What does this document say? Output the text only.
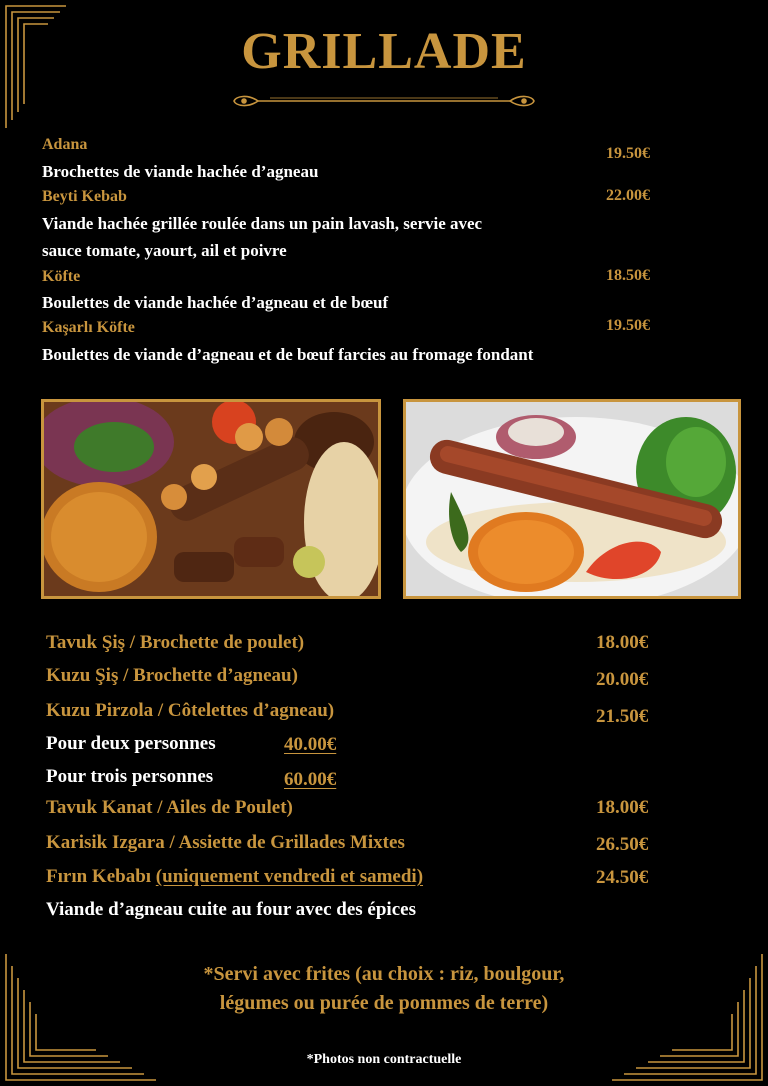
GRILLADE
Adana
Brochettes de viande hachée d’agneau
19.50€
Beyti Kebab
Viande hachée grillée roulée dans un pain lavash, servie avec
sauce tomate, yaourt, ail et poivre
22.00€
Köfte
Boulettes de viande hachée d’agneau et de bœuf
18.50€
Kaşarlı Köfte
Boulettes de viande d’agneau et de bœuf farcies au fromage fondant
19.50€
Tavuk Şiş / Brochette de poulet)	18.00€
Kuzu Şiş / Brochette d’agneau)	20.00€
Kuzu Pirzola / Côtelettes d’agneau)	21.50€
Pour deux personnes	40.00€
Pour trois personnes	60.00€
Tavuk Kanat / Ailes de Poulet)	18.00€
Karisik Izgara / Assiette de Grillades Mixtes	26.50€
Fırın Kebabı (uniquement vendredi et samedi)	24.50€
Viande d’agneau cuite au four avec des épices
*Servi avec frites (au choix : riz, boulgour,
légumes ou purée de pommes de terre)
*Photos non contractuelle
